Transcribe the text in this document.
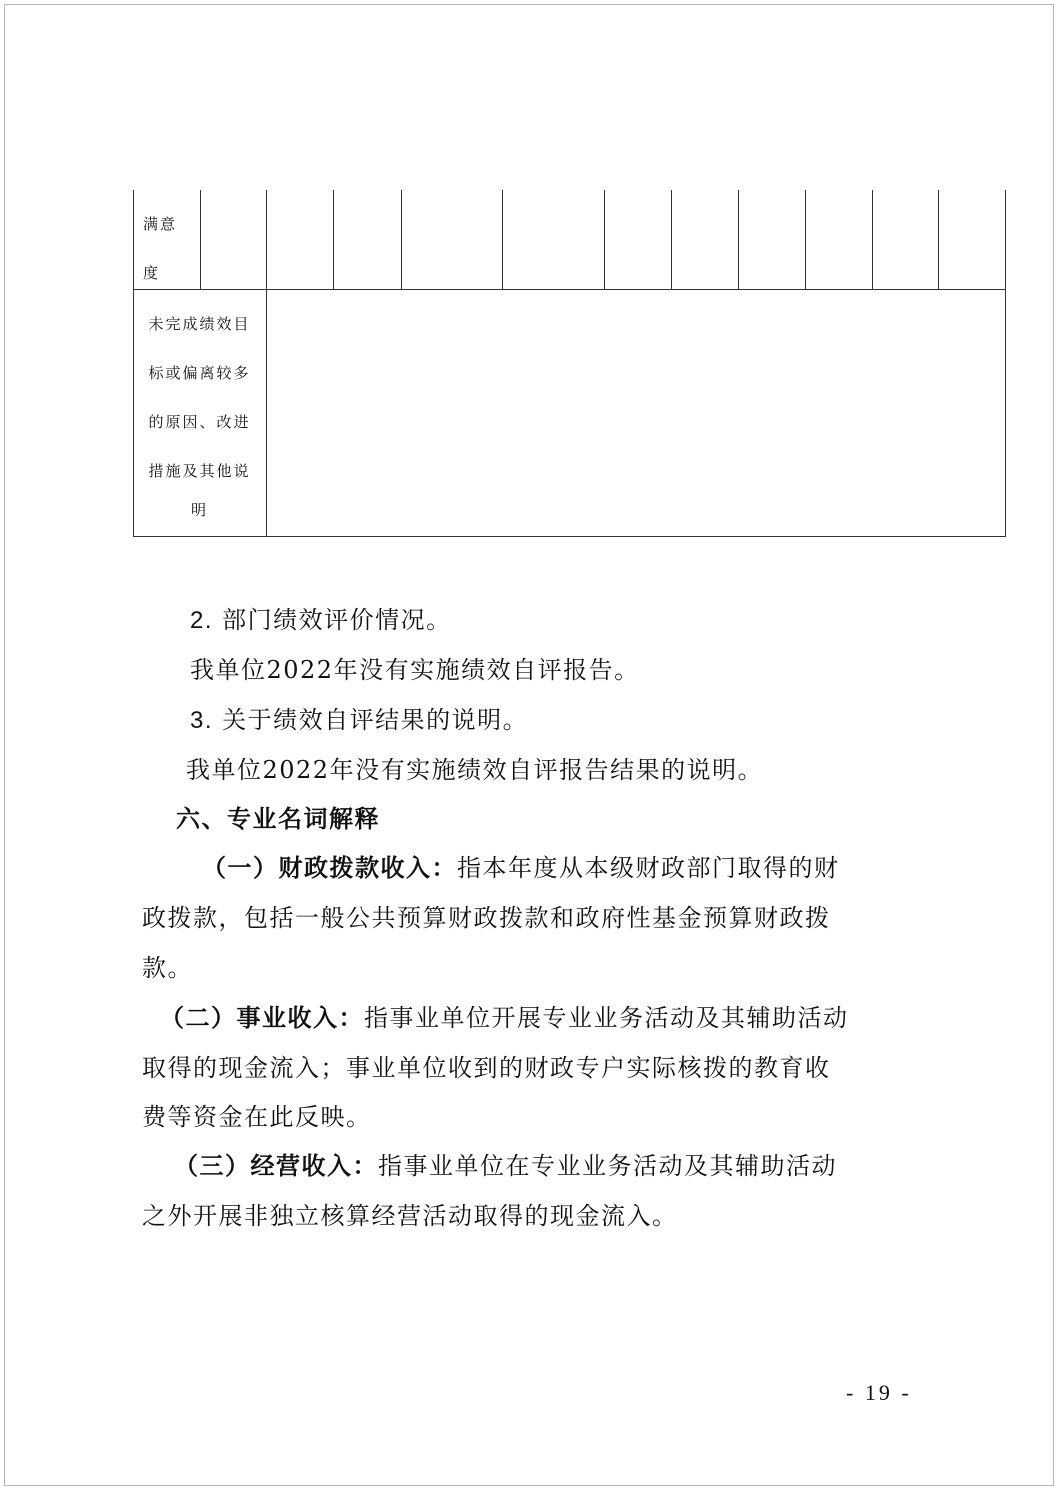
满意
度
未完成绩效目
标或偏离较多
的原因、改进
措施及其他说
明
2. 部门绩效评价情况。
我单位2022年没有实施绩效自评报告。
3. 关于绩效自评结果的说明。
我单位2022年没有实施绩效自评报告结果的说明。
六、专业名词解释
（一）财政拨款收入：指本年度从本级财政部门取得的财
政拨款，包括一般公共预算财政拨款和政府性基金预算财政拨
款。
（二）事业收入：指事业单位开展专业业务活动及其辅助活动
取得的现金流入；事业单位收到的财政专户实际核拨的教育收
费等资金在此反映。
（三）经营收入：指事业单位在专业业务活动及其辅助活动
之外开展非独立核算经营活动取得的现金流入。
- 19 -
